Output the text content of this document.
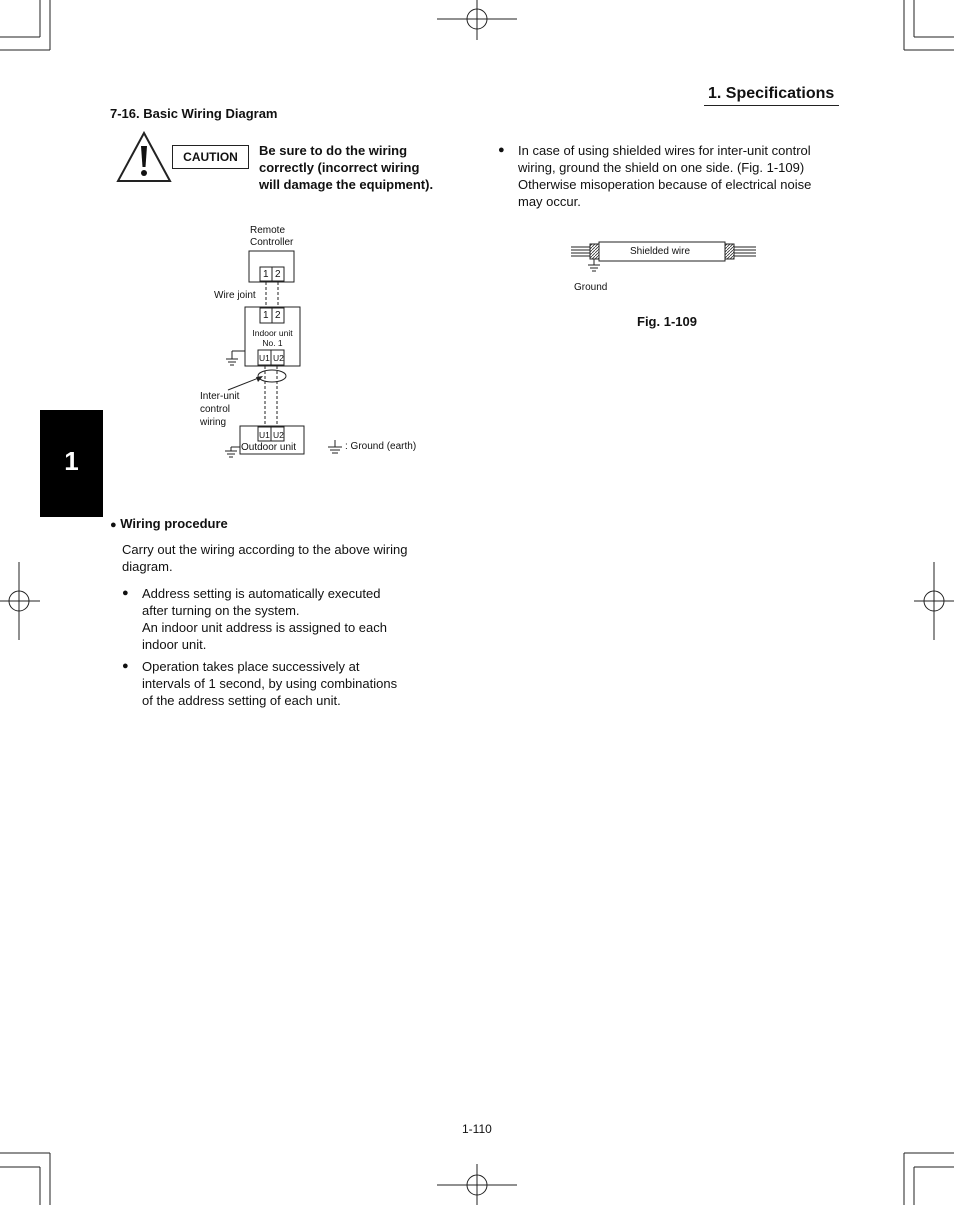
1. Specifications
7-16. Basic Wiring Diagram
CAUTION	Be sure to do the wiring
correctly (incorrect wiring
will damage the equipment).
1
Remote
Controller
1 2
Wire joint
1 2
Indoor unit
No. 1
U1 U2
Inter-unit
control
wiring
U1 U2
Outdoor unit	: Ground (earth)
● Wiring procedure
Carry out the wiring according to the above wiring
diagram.
● Address setting is automatically executed
after turning on the system.
An indoor unit address is assigned to each
indoor unit.
● Operation takes place successively at
intervals of 1 second, by using combinations
of the address setting of each unit.
● In case of using shielded wires for inter-unit control
wiring, ground the shield on one side. (Fig. 1-109)
Otherwise misoperation because of electrical noise
may occur.
Shielded wire
Ground
Fig. 1-109
1-110
